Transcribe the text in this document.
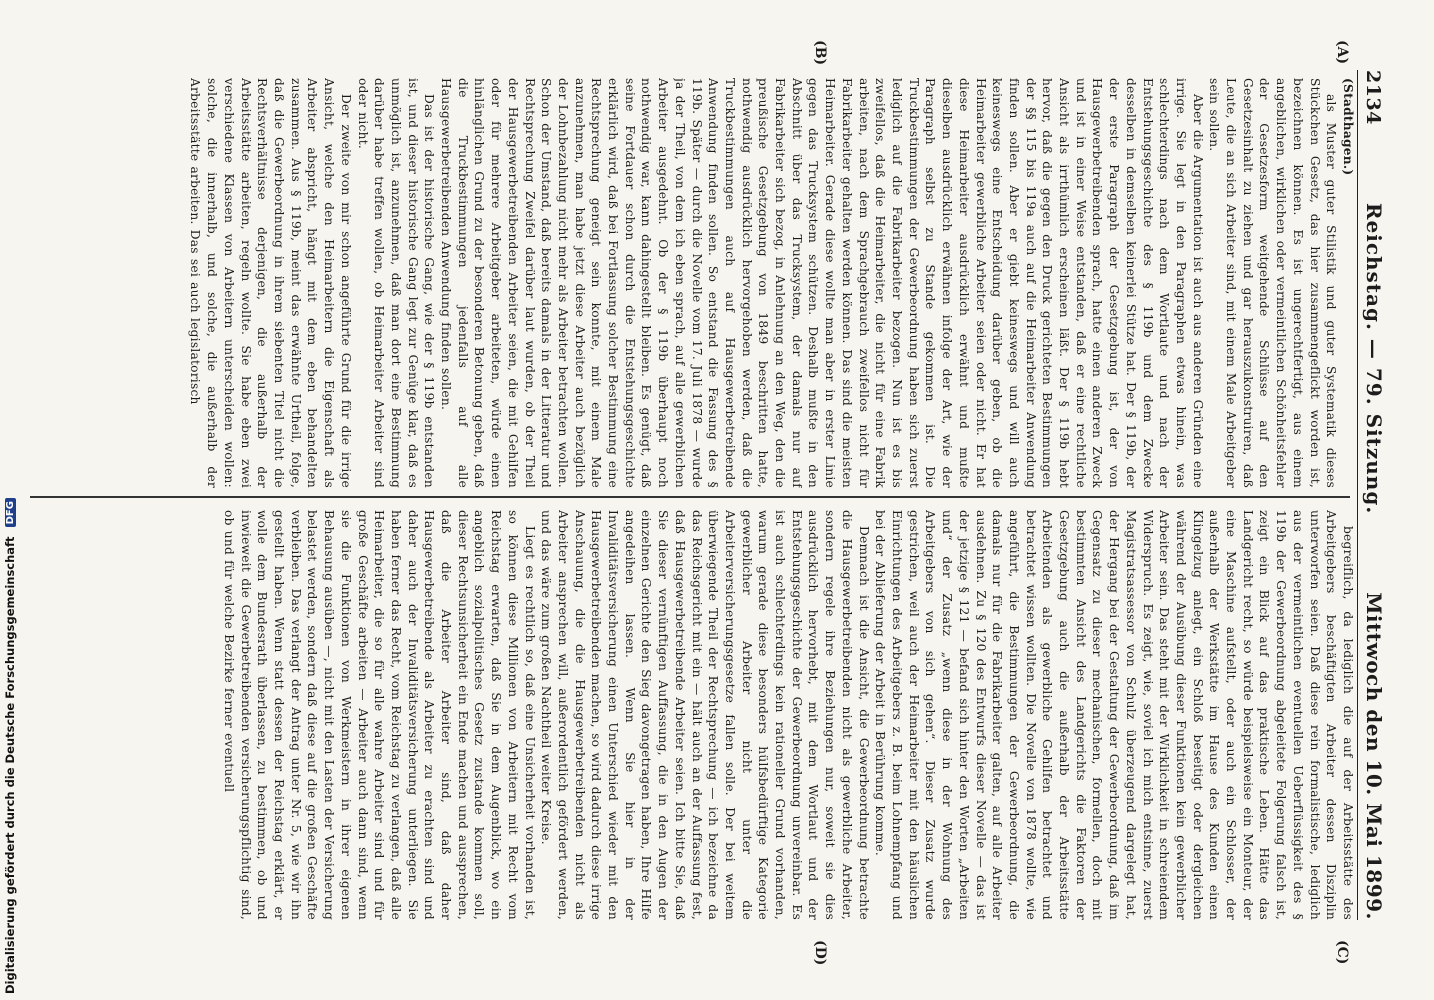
2134
Reichstag. — 79. Sitzung.
Mittwoch den 10. Mai 1899.
(A)
(B)
(C)
(D)

(Stadthagen.)

als Muster guter Stilistik und guter Systematik dieses Stückchen Gesetz, das hier zusammengeflickt worden ist, bezeichnen können. Es ist ungerechtfertigt, aus einem angeblichen, wirklichen oder vermeintlichen Schönheitsfehler der Gesetzesform weitgehende Schlüsse auf den Gesetzesinhalt zu ziehen und gar herauszukonstruiren, daß Leute, die an sich Arbeiter sind, mit einem Male Arbeitgeber sein sollen.

Aber die Argumentation ist auch aus anderen Gründen eine irrige. Sie legt in den Paragraphen etwas hinein, was schlechterdings nach dem Wortlaute und nach der Entstehungsgeschichte des § 119b und dem Zwecke desselben in demselben keinerlei Stütze hat. Der § 119b, der der erste Paragraph der Gesetzgebung ist, der von Hausgewerbetreibenden sprach, hatte einen anderen Zweck und ist in einer Weise entstanden, daß er eine rechtliche Ansicht als irrthümlich erscheinen läßt. Der § 119b hebt hervor, daß die gegen den Druck gerichteten Bestimmungen der §§ 115 bis 119a auch auf die Heimarbeiter Anwendung finden sollen. Aber er giebt keineswegs und will auch keineswegs eine Entscheidung darüber geben, ob die Heimarbeiter gewerbliche Arbeiter seien oder nicht. Er hat diese Heimarbeiter ausdrücklich erwähnt und mußte dieselben ausdrücklich erwähnen infolge der Art, wie der Paragraph selbst zu Stande gekommen ist. Die Truckbestimmungen der Gewerbeordnung haben sich zuerst lediglich auf die Fabrikarbeiter bezogen. Nun ist es bis zweifellos, daß die Heimarbeiter, die nicht für eine Fabrik arbeiten, nach dem Sprachgebrauch zweifellos nicht für Fabrikarbeiter gehalten werden können. Das sind die meisten Heimarbeiter. Gerade diese wollte man aber in erster Linie gegen das Trucksystem schützen. Deshalb mußte in den Abschnitt über das Trucksystem, der damals nur auf Fabrikarbeiter sich bezog, in Anlehnung an den Weg, den die preußische Gesetzgebung von 1849 beschritten hatte, nothwendig ausdrücklich hervorgehoben werden, daß die Truckbestimmungen auch auf Hausgewerbetreibende Anwendung finden sollen. So entstand die Fassung des § 119b. Später — durch die Novelle vom 17. Juli 1878 — wurde ja der Theil, von dem ich eben sprach, auf alle gewerblichen Arbeiter ausgedehnt. Ob der § 119b überhaupt noch nothwendig war, kann dahingestellt bleiben. Es genügt, daß seine Fortdauer schon durch die Entstehungsgeschichte erklärlich wird, daß bei Fortlassung solcher Bestimmung eine Rechtsprechung geneigt sein konnte, mit einem Male anzunehmen, man habe jetzt diese Arbeiter auch bezüglich der Lohnbezahlung nicht mehr als Arbeiter betrachten wollen. Schon der Umstand, daß bereits damals in der Litteratur und Rechtsprechung Zweifel darüber laut wurden, ob der Theil der Hausgewerbetreibenden Arbeiter seien, die mit Gehilfen oder für mehrere Arbeitgeber arbeiteten, würde einen hinlänglichen Grund zu der besonderen Betonung geben, daß die Truckbestimmungen jedenfalls auf alle Hausgewerbetreibenden Anwendung finden sollen.

Das ist der historische Gang, wie der § 119b entstanden ist, und dieser historische Gang legt zur Genüge klar, daß es unmöglich ist, anzunehmen, daß man dort eine Bestimmung darüber habe treffen wollen, ob Heimarbeiter Arbeiter sind oder nicht.

Der zweite von mir schon angeführte Grund für die irrige Ansicht, welche den Heimarbeitern die Eigenschaft als Arbeiter abspricht, hängt mit dem eben behandelten zusammen. Aus § 119b, meint das erwähnte Urtheil, folge, daß die Gewerbeordnung in ihrem siebenten Titel nicht die Rechtsverhältnisse derjenigen, die außerhalb der Arbeitsstätte arbeiten, regeln wollte. Sie habe eben zwei verschiedene Klassen von Arbeitern unterscheiden wollen: solche, die innerhalb, und solche, die außerhalb der Arbeitsstätte arbeiten. Das sei auch legislatorisch

begreiflich, da lediglich die auf der Arbeitsstätte des Arbeitgebers beschäftigten Arbeiter dessen Disziplin unterworfen seien. Daß diese rein formalistische, lediglich aus der vermeintlichen eventuellen Ueberflüssigkeit des § 119b der Gewerbeordnung abgeleitete Folgerung falsch ist, zeigt ein Blick auf das praktische Leben. Hätte das Landgericht recht, so würde beispielsweise ein Monteur, der eine Maschine aufstellt, oder auch ein Schlosser, der außerhalb der Werkstätte im Hause des Kunden einen Klingelzug anlegt, ein Schloß beseitigt oder dergleichen während der Ausübung dieser Funktionen kein gewerblicher Arbeiter sein. Das steht mit der Wirklichkeit in schreiendem Widerspruch. Es zeigt, wie, soviel ich mich entsinne, zuerst Magistratsassessor von Schulz überzeugend dargelegt hat, der Hergang bei der Gestaltung der Gewerbeordnung, daß im Gegensatz zu dieser mechanischen, formellen, doch mit bestimmten Ansicht des Landgerichts die Faktoren der Gesetzgebung auch die außerhalb der Arbeitsstätte Arbeitenden als gewerbliche Gehilfen betrachtet und betrachtet wissen wollten. Die Novelle von 1878 wollte, wie angeführt, die Bestimmungen der Gewerbeordnung, die damals nur für die Fabrikarbeiter galten, auf alle Arbeiter ausdehnen. Zu § 120 des Entwurfs dieser Novelle — das ist der jetzige § 121 — befand sich hinter den Worten „Arbeiten und“ der Zusatz „wenn diese in der Wohnung des Arbeitgebers von sich gehen“. Dieser Zusatz wurde gestrichen, weil auch der Heimarbeiter mit den häuslichen Einrichtungen des Arbeitgebers z. B. beim Lohnempfang und bei der Ablieferung der Arbeit in Berührung komme.

Demnach ist die Ansicht, die Gewerbeordnung betrachte die Hausgewerbetreibenden nicht als gewerbliche Arbeiter, sondern regele ihre Beziehungen nur, soweit sie dies ausdrücklich hervorhebt, mit dem Wortlaut und der Entstehungsgeschichte der Gewerbeordnung unvereinbar. Es ist auch schlechterdings kein rationeller Grund vorhanden, warum gerade diese besonders hülfsbedürftige Kategorie gewerblicher Arbeiter nicht unter die Arbeiterversicherungsgesetze fallen solle. Der bei weitem überwiegende Theil der Rechtsprechung — ich bezeichne da das Reichsgericht mit ein — hält auch an der Auffassung fest, daß Hausgewerbetreibende Arbeiter seien. Ich bitte Sie, daß Sie dieser vernünftigen Auffassung, die in den Augen der einzelnen Gerichte den Sieg davongetragen haben, Ihre Hilfe angedeihen lassen. Wenn Sie hier in der Invaliditätsversicherung einen Unterschied wieder mit den Hausgewerbetreibenden machen, so wird dadurch diese irrige Anschauung, die die Hausgewerbetreibenden nicht als Arbeiter ansprechen will, außerordentlich gefördert werden, und das wäre zum großen Nachtheil weiter Kreise.

Liegt es rechtlich so, daß eine Unsicherheit vorhanden ist, so können diese Millionen von Arbeitern mit Recht vom Reichstag erwarten, daß Sie in dem Augenblick, wo ein angeblich sozialpolitisches Gesetz zustande kommen soll, dieser Rechtsunsicherheit ein Ende machen und aussprechen, daß die Arbeiter Arbeiter sind, daß daher Hausgewerbetreibende als Arbeiter zu erachten sind und daher auch der Invaliditätsversicherung unterliegen. Sie haben ferner das Recht, vom Reichstag zu verlangen, daß alle Heimarbeiter, die so für alle wahre Arbeiter sind und für große Geschäfte arbeiten — Arbeiter auch dann sind, wenn sie die Funktionen von Werkmeistern in ihrer eigenen Behausung ausüben —, nicht mit den Lasten der Versicherung belastet werden, sondern daß diese auf die großen Geschäfte verbleiben. Das verlangt der Antrag unter Nr. 5, wie wir ihn gestellt haben. Wenn statt dessen der Reichstag erklärt, er wolle dem Bundesrath überlassen, zu bestimmen, ob und inwieweit die Gewerbetreibenden versicherungspflichtig sind, ob und für welche Bezirke ferner eventuell

Digitalisierung gefördert durch die Deutsche Forschungsgemeinschaft DFG
